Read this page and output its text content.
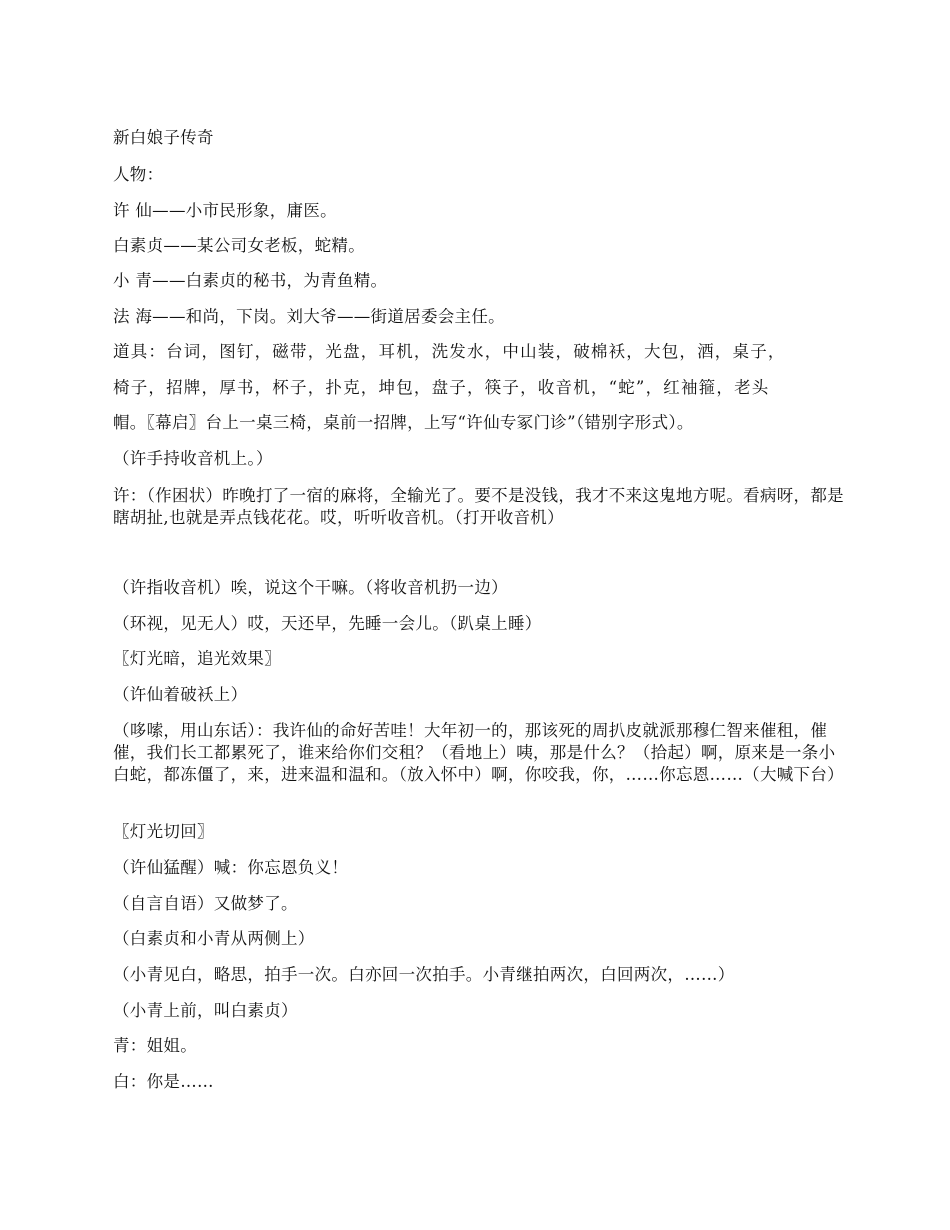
新白娘子传奇
人物：
许 仙——小市民形象，庸医。
白素贞——某公司女老板，蛇精。
小 青——白素贞的秘书，为青鱼精。
法 海——和尚，下岗。刘大爷——街道居委会主任。
道具：台词，图钉，磁带，光盘，耳机，洗发水，中山装，破棉袄，大包，酒，桌子，
椅子，招牌，厚书，杯子，扑克，坤包，盘子，筷子，收音机，“蛇”，红袖箍，老头
帽。〖幕启〗台上一桌三椅，桌前一招牌，上写“许仙专冢门诊”（错别字形式）。
（许手持收音机上。）
许：（作困状）昨晚打了一宿的麻将，全输光了。要不是没钱，我才不来这鬼地方呢。看病呀，都是瞎胡扯,也就是弄点钱花花。哎，听听收音机。（打开收音机）
（许指收音机）唉，说这个干嘛。（将收音机扔一边）
（环视，见无人）哎，天还早，先睡一会儿。（趴桌上睡）
〖灯光暗，追光效果〗
（许仙着破袄上）
（哆嗦，用山东话）：我许仙的命好苦哇！大年初一的，那该死的周扒皮就派那穆仁智来催租，催催，我们长工都累死了，谁来给你们交租？（看地上）咦，那是什么？（拾起）啊，原来是一条小白蛇，都冻僵了，来，进来温和温和。（放入怀中）啊，你咬我，你，……你忘恩……（大喊下台）
〖灯光切回〗
（许仙猛醒）喊：你忘恩负义！
（自言自语）又做梦了。
（白素贞和小青从两侧上）
（小青见白，略思，拍手一次。白亦回一次拍手。小青继拍两次，白回两次，……）
（小青上前，叫白素贞）
青：姐姐。
白：你是……
